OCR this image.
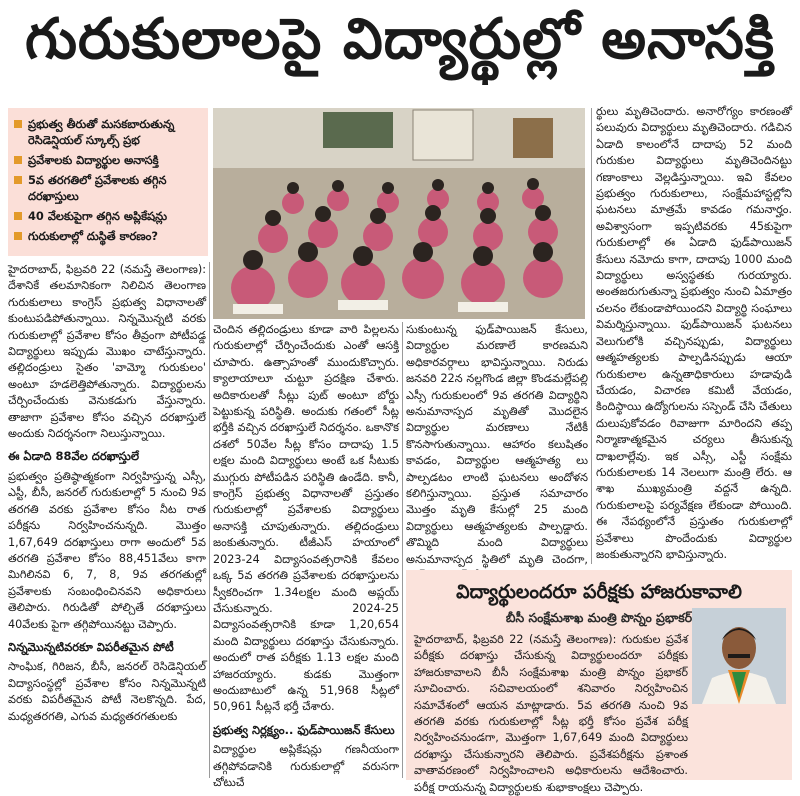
గురుకులాలపై విద్యార్థుల్లో అనాసక్తి
ప్రభుత్వ తీరుతో మసకబారుతున్న రెసిడెన్షియల్ స్కూల్స్ ప్రభ
ప్రవేశాలకు విద్యార్థుల అనాసక్తి
5వ తరగతిలో ప్రవేశాలకు తగ్గిన దరఖాస్తులు
40 వేలకుపైగా తగ్గిన అప్లికేషన్లు
గురుకులాల్లో దుస్థితే కారణం?

హైదరాబాద్, ఫిబ్రవరి 22 (నమస్తే తెలంగాణ): దేశానికే తలమానికంగా నిలిచిన తెలంగాణ గురుకులాలు కాంగ్రెస్ ప్రభుత్వ విధానాలతో కుంటుపడిపోతున్నాయి. నిన్నమొన్నటి వరకు గురుకులాల్లో ప్రవేశాల కోసం తీవ్రంగా పోటీపడ్డ విద్యార్థులు ఇప్పుడు మొఖం చాటేస్తున్నారు. తల్లిదండ్రులు సైతం 'వామ్మో గురుకులం' అంటూ హడలెత్తిపోతున్నారు. విద్యార్థులను చేర్పించేందుకు వెనుకడుగు వేస్తున్నారు. తాజాగా ప్రవేశాల కోసం వచ్చిన దరఖాస్తులే అందుకు నిదర్శనంగా నిలుస్తున్నాయి.

ఈ ఏడాది 88వేల దరఖాస్తులే

ప్రభుత్వం ప్రతిష్ఠాత్మకంగా నిర్వహిస్తున్న ఎస్సీ, ఎస్టీ, బీసీ, జనరల్ గురుకులాల్లో 5 నుంచి 9వ తరగతి వరకు ప్రవేశాల కోసం నీట రాత పరీక్షను నిర్వహించనున్నది. మొత్తం 1,67,649 దరఖాస్తులు రాగా అందులో 5వ తరగతి ప్రవేశాల కోసం 88,451వేలు కాగా మిగిలినవి 6, 7, 8, 9వ తరగతుల్లో ప్రవేశాలకు సంబంధించినవని అధికారులు తెలిపారు. గిరుడితో పోల్చితే దరఖాస్తులు 40వేలకు పైగా తగ్గిపోయినట్టు చెప్పారు.

నిన్నమొన్నటివరకూ విపరీతమైన పోటీ

సాంఘిక, గిరిజన, బీసీ, జనరల్ రెసిడెన్షియల్ విద్యాసంస్థల్లో ప్రవేశాల కోసం నిన్నమొన్నటి వరకు విపరీతమైన పోటీ నెలకొన్నది. పేద, మధ్యతరగతి, ఎగువ మధ్యతరగతులకు

చెందిన తల్లిదండ్రులు కూడా వారి పిల్లలను గురుకులాల్లో చేర్పించేందుకు ఎంతో ఆసక్తి చూపారు. ఉత్సాహంతో ముందుకొచ్చారు. క్యాలాయాలూ చుట్టూ ప్రదక్షిణ చేశారు. అదికారులతో సీట్లు పుట్ అంటూ బోర్డు పెట్టుకున్న పరిస్థితి. అందుకు గతంలో సీట్ల భర్తీకి వచ్చిన దరఖాస్తులే నిదర్శనం. ఒకానొక దశలో 50వేల సీట్ల కోసం దాదాపు 1.5 లక్షల మంది విద్యార్థులు అంటే ఒక సీటుకు ముగ్గురు పోటీపడిన పరిస్థితి ఉండేది. కానీ, కాంగ్రెస్ ప్రభుత్వ విధానాలతో ప్రస్తుతం గురుకులాల్లో ప్రవేశాలకు విద్యార్థులు అనాసక్తి చూపుతున్నారు. తల్లిదండ్రులు జంకుతున్నారు. టీజీఎస్ హయాంలో 2023-24 విద్యాసంవత్సరానికి కేవలం ఒక్క 5వ తరగతి ప్రవేశాలకు దరఖాస్తులను స్వీకరించగా 1.34లక్షల మంది అప్లయ్ చేసుకున్నారు. 2024-25 విద్యాసంవత్సరానికి కూడా 1,20,654 మంది విద్యార్థులు దరఖాస్తు చేసుకున్నారు. అందులో రాత పరీక్షకు 1.13 లక్షల మంది హాజరయ్యారు. కుడకు మొత్తంగా అందుబాటులో ఉన్న 51,968 సీట్లలో 50,961 సీట్లనే భర్తీ చేశారు.

ప్రభుత్వ నిర్లక్ష్యం.. ఫుడ్‌పాయిజన్ కేసులు

విద్యార్థుల అప్లికేషన్లు గణనీయంగా తగ్గిపోవడానికి గురుకులాల్లో వరుసగా చోటుచే

సుకుంటున్న ఫుడ్‌పాయిజన్ కేసులు, విద్యార్థుల మరణాలే కారణమని అధికారవర్గాలు భావిస్తున్నాయి. నిరుడు జనవరి 22న నల్లగొండ జిల్లా కొండమల్లేపల్లి ఎస్సీ గురుకులంలో 9వ తరగతి విద్యార్థిని అనుమానాస్పద మృతితో మొదలైన విద్యార్థుల మరణాలు నేటికీ కొనసాగుతున్నాయి. ఆహారం కలుషితం కావడం, విద్యార్థుల ఆత్మహత్య లు పాల్పడటం లాంటి ఘటనలు అందోళన కలిగిస్తున్నాయి. ప్రస్తుత సమాచారం మొత్తం మృతి కేసుల్లో 25 మంది విద్యార్థులు ఆత్మహత్యలకు పాల్పడ్డారు. తొమ్మిది మంది విద్యార్థులు అనుమానాస్పద స్థితిలో మృతి చెందగా,

ర్థులు మృతిచెందారు. అనారోగ్యం కారణంతో పలువురు విద్యార్థులు మృతిచెందారు. గడిచిన ఏడాది కాలంలోనే దాదాపు 52 మంది గురుకుల విద్యార్థులు మృతిచెందినట్టు గణాంకాలు వెల్లడిస్తున్నాయి. ఇవి కేవలం ప్రభుత్వం గురుకులాలు, సంక్షేమహాస్టల్లోని ఘటనలు మాత్రమే కావడం గమనార్హం. అవిశ్వాసంగా ఇప్పటివరకు 45కుపైగా గురుకులాల్లో ఈ ఏడాది ఫుడ్‌పాయిజన్ కేసులు నమోదు కాగా, దాదాపు 1000 మంది విద్యార్థులు అస్వస్థతకు గురయ్యారు. అంతజరుగుతున్నా ప్రభుత్వం నుంచి ఏమాత్రం చలనం లేకుండాపోయిందని విద్యార్థి సంఘాలు విమర్శిస్తున్నాయి. ఫుడ్‌పాయిజన్ ఘటనలు వెలుగులోకి వచ్చినప్పుడు, విద్యార్థులు ఆత్మహత్యలకు పాల్పడినప్పుడు ఆయా గురుకులాల ఉన్నతాధికారులు హడావుడి చేయడం, విచారణ కమిటీ వేయడం, కిందిస్థాయి ఉద్యోగులను సస్పెండ్ చేసి చేతులు దులుపుకోవడం రివాజుగా మారిందని తప్ప నిర్మాణాత్మకమైన చర్యలు తీసుకున్న దాఖలాల్లేవు. ఇక ఎస్సీ, ఎస్టీ సంక్షేమ గురుకులాలకు 14 నెలలుగా మంత్రి లేరు. ఆ శాఖ ముఖ్యమంత్రి వద్దనే ఉన్నది. గురుకులాలపై పర్యవేక్షణ లేకుండా పోయింది. ఈ నేపథ్యంలోనే ప్రస్తుతం గురుకులాల్లో ప్రవేశాలు పొందేందుకు విద్యార్థుల జంకుతున్నారని భావిస్తున్నారు.

విద్యార్థులందరూ పరీక్షకు హాజరుకావాలి
బీసీ సంక్షేమశాఖ మంత్రి పొన్నం ప్రభాకర్

హైదరాబాద్, ఫిబ్రవరి 22 (నమస్తే తెలంగాణ): గురుకుల ప్రవేశ పరీక్షకు దరఖాస్తు చేసుకున్న విద్యార్థులందరూ పరీక్షకు హాజరుకావాలని బీసీ సంక్షేమశాఖ మంత్రి పొన్నం ప్రభాకర్ సూచించారు. సచివాలయంలో శనివారం నిర్వహించిన సమావేశంలో ఆయన మాట్లాడారు. 5వ తరగతి నుంచి 9వ తరగతి వరకు గురుకులాల్లో సీట్ల భర్తీ కోసం ప్రవేశ పరీక్ష నిర్వహించనుండగా, మొత్తంగా 1,67,649 మంది విద్యార్థులు దరఖాస్తు చేసుకున్నారని తెలిపారు. ప్రవేశపరీక్షను ప్రశాంత వాతావరణంలో నిర్వహించాలని అధికారులను ఆదేశించారు. పరీక్ష రాయనున్న విద్యార్థులకు శుభాకాంక్షలు చెప్పారు.
